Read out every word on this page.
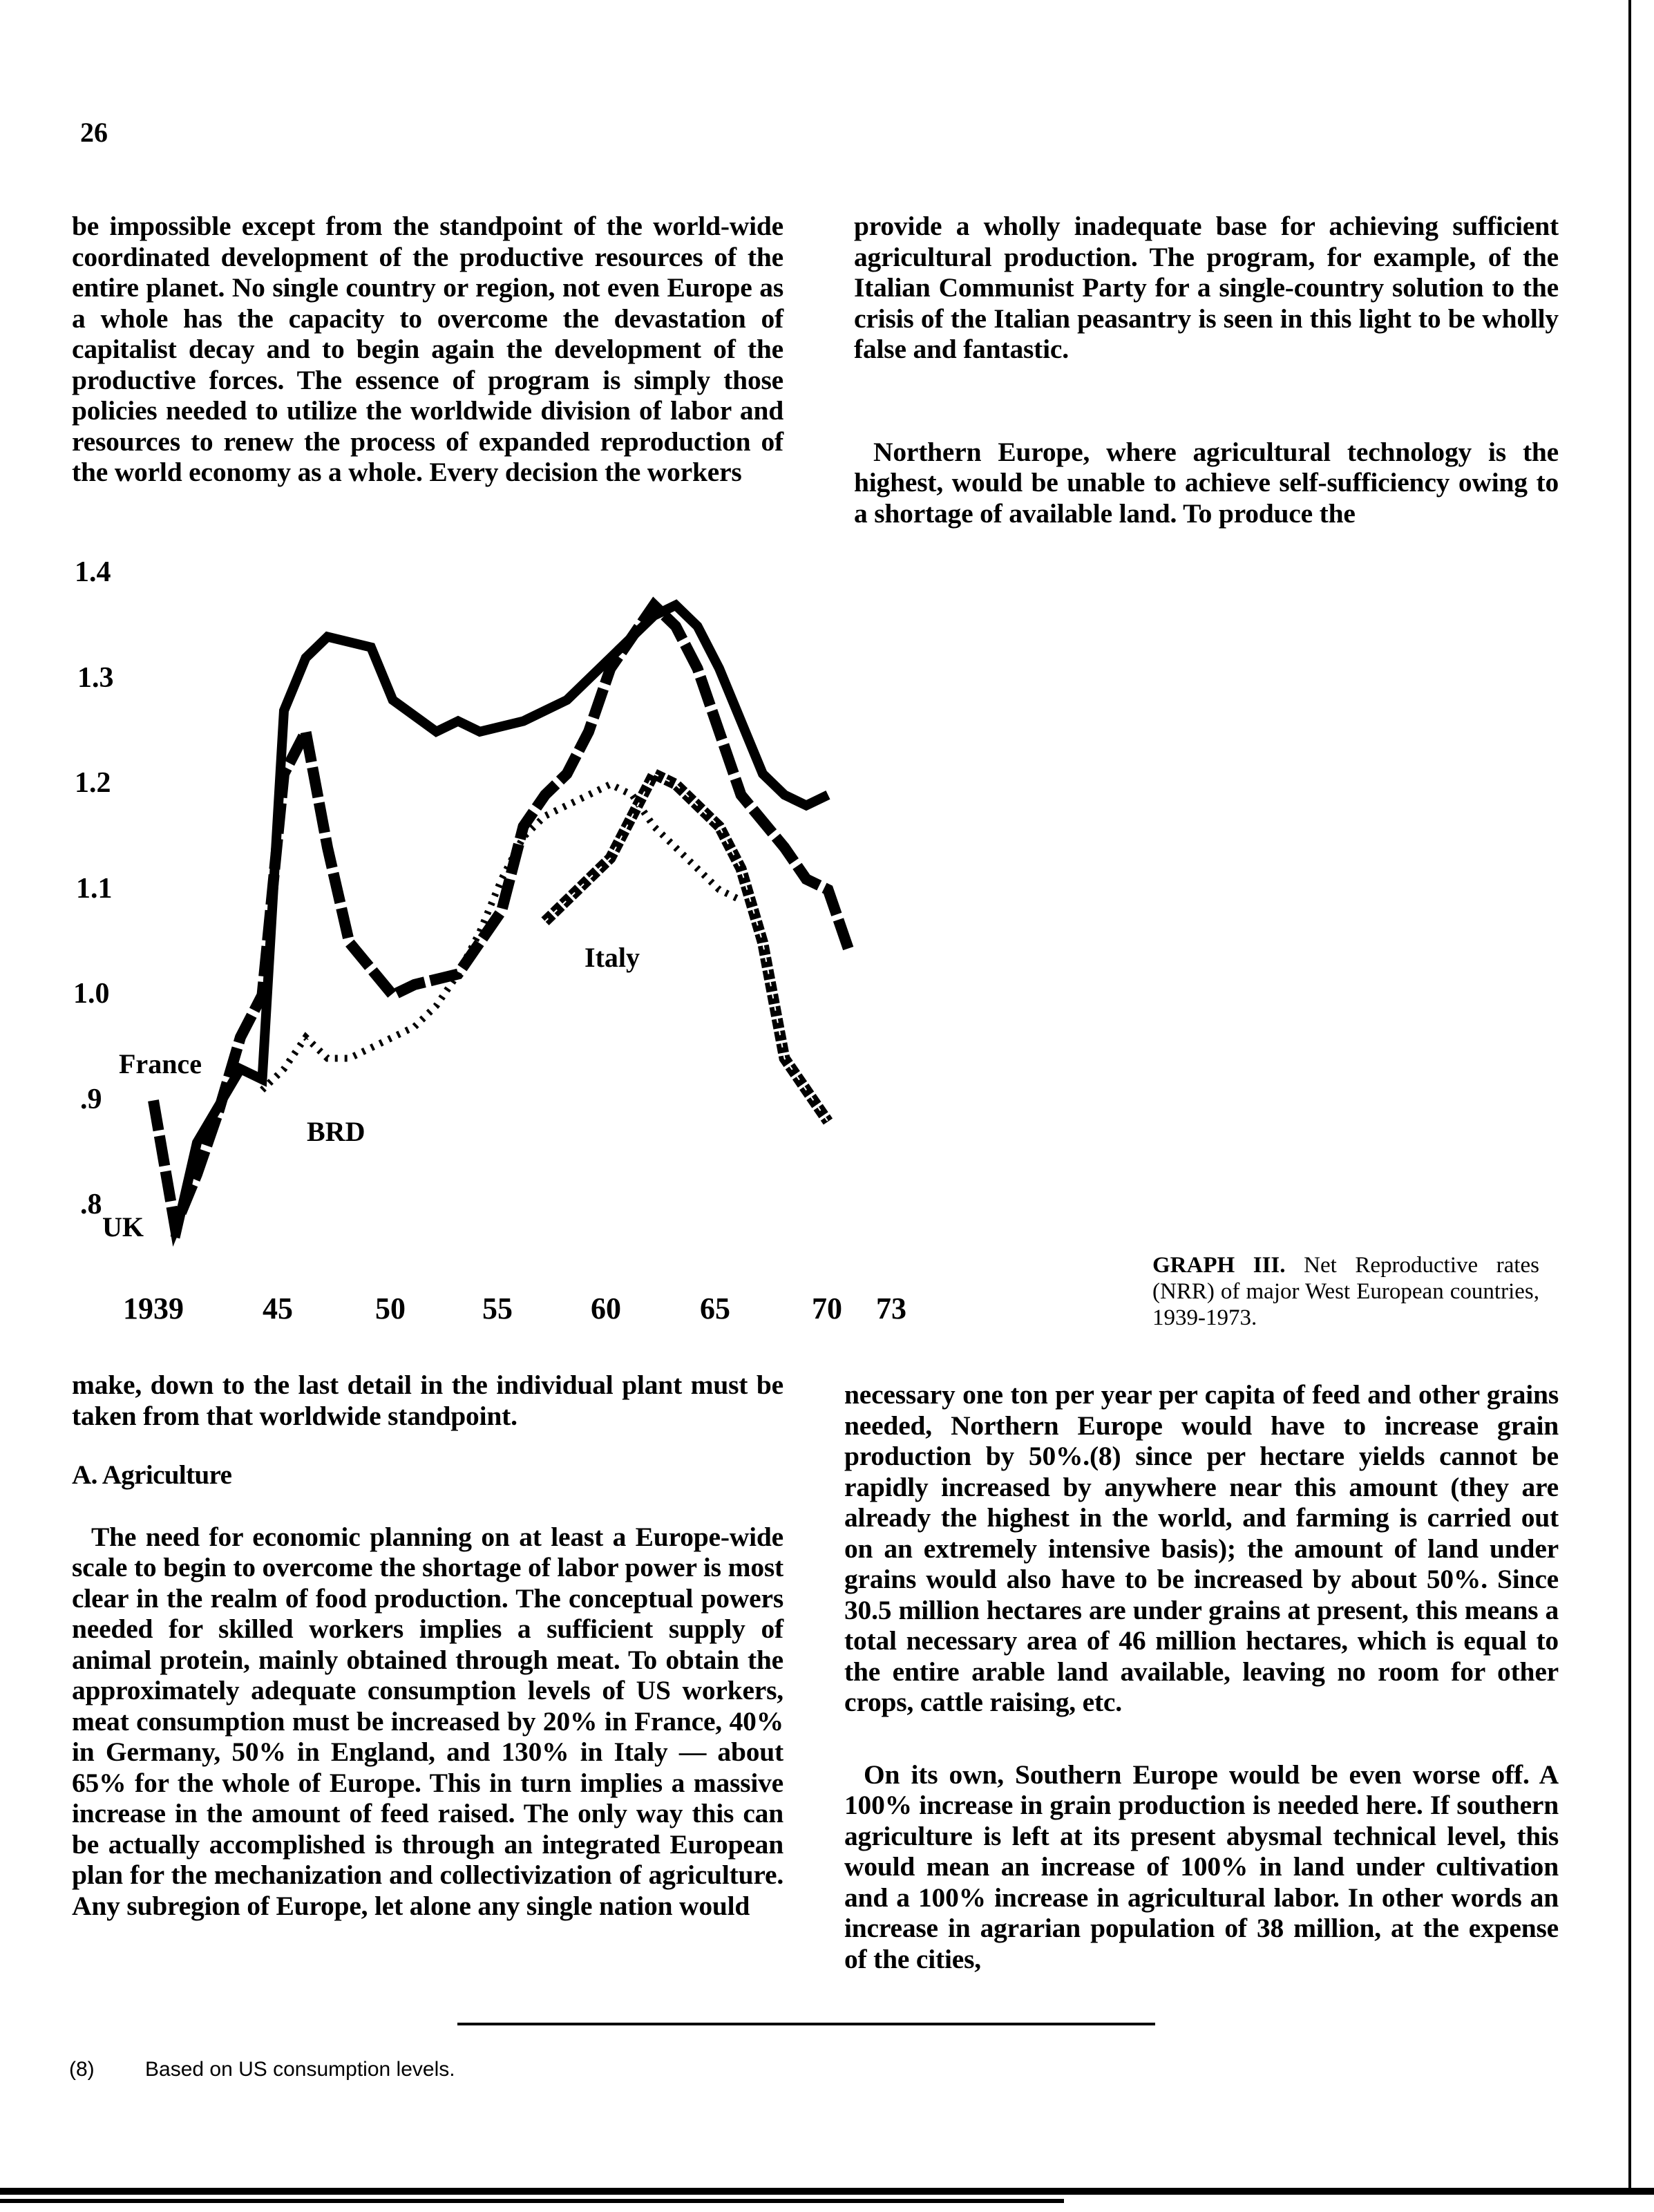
26

be impossible except from the standpoint of the world-wide coordinated development of the productive resources of the entire planet. No single country or region, not even Europe as a whole has the capacity to overcome the devastation of capitalist decay and to begin again the development of the productive forces. The essence of program is simply those policies needed to utilize the worldwide division of labor and resources to renew the process of expanded reproduction of the world economy as a whole. Every decision the workers

provide a wholly inadequate base for achieving sufficient agricultural production. The program, for example, of the Italian Communist Party for a single-country solution to the crisis of the Italian peasantry is seen in this light to be wholly false and fantastic.

Northern Europe, where agricultural technology is the highest, would be unable to achieve self-sufficiency owing to a shortage of available land. To produce the

1.4
1.3
1.2
1.1
1.0
.9
.8
1939	45	50	55	60	65	70 73
UK
France
BRD
Italy
GRAPH III. Net Reproductive rates (NRR) of major West European countries, 1939-1973.

make, down to the last detail in the individual plant must be taken from that worldwide standpoint.

A. Agriculture

The need for economic planning on at least a Europe-wide scale to begin to overcome the shortage of labor power is most clear in the realm of food production. The conceptual powers needed for skilled workers implies a sufficient supply of animal protein, mainly obtained through meat. To obtain the approximately adequate consumption levels of US workers, meat consumption must be increased by 20% in France, 40% in Germany, 50% in England, and 130% in Italy — about 65% for the whole of Europe. This in turn implies a massive increase in the amount of feed raised. The only way this can be actually accomplished is through an integrated European plan for the mechanization and collectivization of agriculture. Any subregion of Europe, let alone any single nation would

necessary one ton per year per capita of feed and other grains needed, Northern Europe would have to increase grain production by 50%.(8) since per hectare yields cannot be rapidly increased by anywhere near this amount (they are already the highest in the world, and farming is carried out on an extremely intensive basis); the amount of land under grains would also have to be increased by about 50%. Since 30.5 million hectares are under grains at present, this means a total necessary area of 46 million hectares, which is equal to the entire arable land available, leaving no room for other crops, cattle raising, etc.

On its own, Southern Europe would be even worse off. A 100% increase in grain production is needed here. If southern agriculture is left at its present abysmal technical level, this would mean an increase of 100% in land under cultivation and a 100% increase in agricultural labor. In other words an increase in agrarian population of 38 million, at the expense of the cities,

(8) Based on US consumption levels.
